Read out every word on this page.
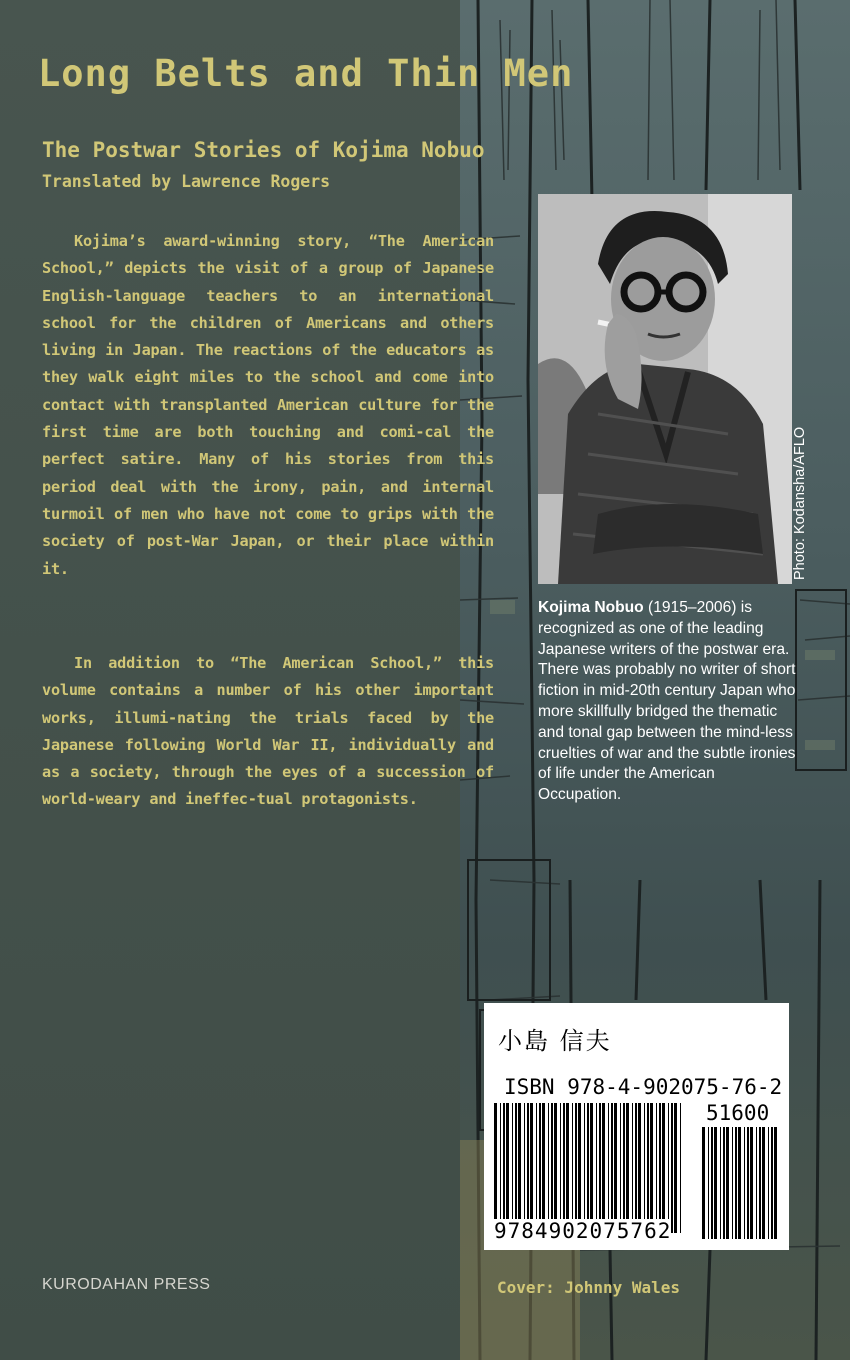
Long Belts and Thin Men
The Postwar Stories of Kojima Nobuo
Translated by Lawrence Rogers

Kojima’s award-winning story, “The American School,” depicts the visit of a group of Japanese English-language teachers to an international school for the children of Americans and others living in Japan. The reactions of the educators as they walk eight miles to the school and come into contact with transplanted American culture for the first time are both touching and comi-cal the perfect satire. Many of his stories from this period deal with the irony, pain, and internal turmoil of men who have not come to grips with the society of post-War Japan, or their place within it.

In addition to “The American School,” this volume contains a number of his other important works, illumi-nating the trials faced by the Japanese following World War II, individually and as a society, through the eyes of a succession of world-weary and ineffec-tual protagonists.

Photo: Kodansha/AFLO
Kojima Nobuo (1915–2006) is recognized as one of the leading Japanese writers of the postwar era. There was probably no writer of short fiction in mid-20th century Japan who more skillfully bridged the thematic and tonal gap between the mind-less cruelties of war and the subtle ironies of life under the American Occupation.
小島 信夫
ISBN 978-4-902075-76-2
51600
9784902075762
KURODAHAN PRESS	Cover: Johnny Wales
